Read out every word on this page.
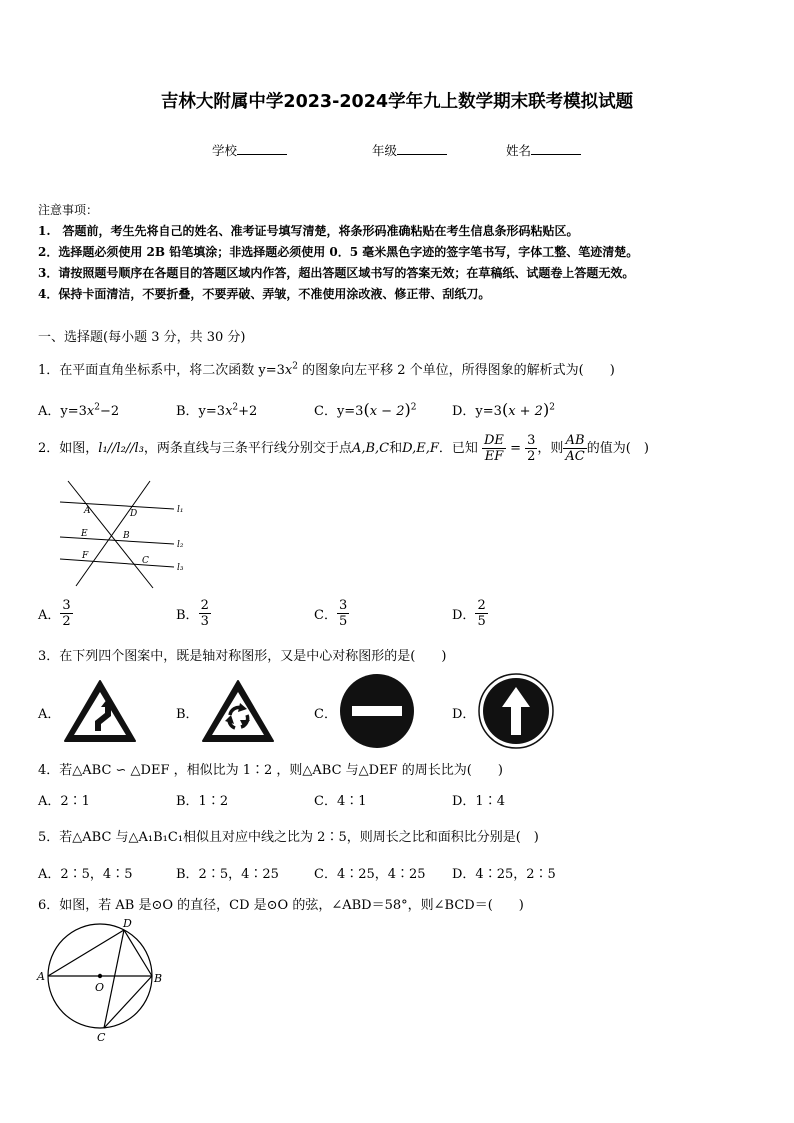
吉林大附属中学2023-2024学年九上数学期末联考模拟试题
学校	年级	姓名
注意事项：
1.　答题前，考生先将自己的姓名、准考证号填写清楚，将条形码准确粘贴在考生信息条形码粘贴区。
2．选择题必须使用 2B 铅笔填涂；非选择题必须使用 0．5 毫米黑色字迹的签字笔书写，字体工整、笔迹清楚。
3．请按照题号顺序在各题目的答题区域内作答，超出答题区域书写的答案无效；在草稿纸、试题卷上答题无效。
4．保持卡面清洁，不要折叠，不要弄破、弄皱，不准使用涂改液、修正带、刮纸刀。
一、选择题(每小题 3 分，共 30 分)
1．在平面直角坐标系中，将二次函数 $y=3x^2$ 的图象向左平移 2 个单位，所得图象的解析式为(　　)
A．$y=3x^2-2$	B．$y=3x^2+2$	C．$y=3(x - 2)^2$	D．$y=3(x + 2)^2$
2．如图，l₁//l₂//l₃，两条直线与三条平行线分别交于点A,B,C和D,E,F．已知 $\frac{DE}{EF} = \frac{3}{2}$ ，则 $\frac{AB}{AC}$ 的值为(　)
A	D
E	B
F	C
l₁
l₂
l₃
A． $\frac{3}{2}$	B． $\frac{2}{3}$	C． $\frac{3}{5}$	D． $\frac{2}{5}$
3．在下列四个图案中，既是轴对称图形，又是中心对称图形的是(　　)
A．	B．	C．	D．
4．若△ABC ∽ △DEF ，相似比为 1∶2 ，则△ABC 与△DEF 的周长比为(　　)
A．2∶1	B．1∶2	C．4∶1	D．1∶4
5．若△ABC 与△A₁B₁C₁相似且对应中线之比为 2∶5，则周长之比和面积比分别是(　)
A．2∶5，4∶5	B．2∶5，4∶25	C．4∶25，4∶25 D．4∶25，2∶5
6．如图，若 AB 是⊙O 的直径，CD 是⊙O 的弦，∠ABD＝58°，则∠BCD＝(　　)
A	B
D
C
O
